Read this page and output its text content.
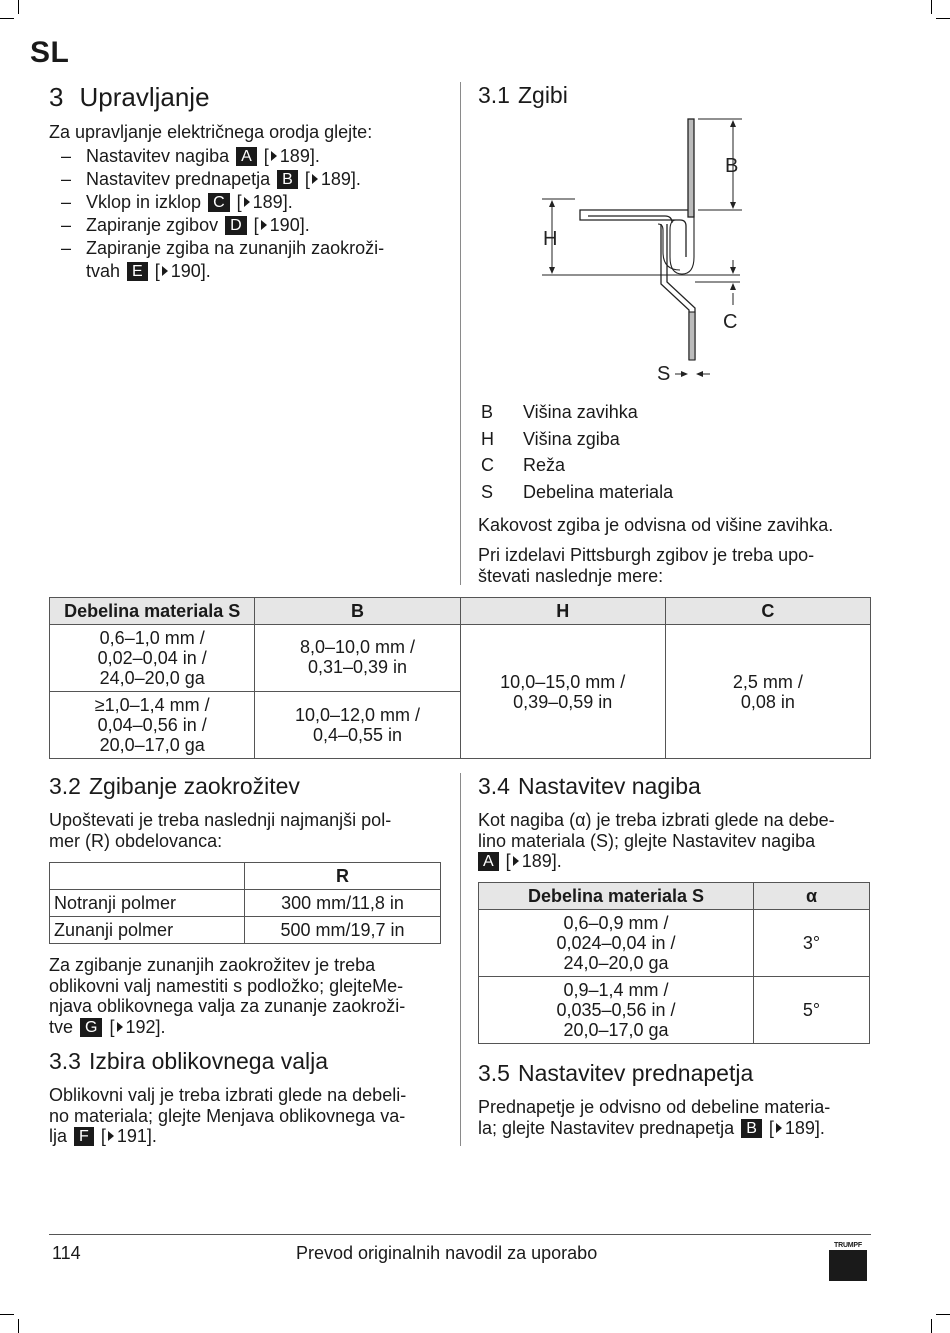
SL
3 Upravljanje
Za upravljanje električnega orodja glejte:
– Nastavitev nagiba A [ 189].
– Nastavitev prednapetja B [ 189].
– Vklop in izklop C [ 189].
– Zapiranje zgibov D [ 190].
– Zapiranje zgiba na zunanjih zaokroži-
tvah E [ 190].
3.1 Zgibi
B
H
C
S
B Višina zavihka
H Višina zgiba
C Reža
S Debelina materiala
Kakovost zgiba je odvisna od višine zavihka.
Pri izdelavi Pittsburgh zgibov je treba upo-
števati naslednje mere:
Debelina materiala S	B	H	C
0,6–1,0 mm /
0,02–0,04 in /
24,0–20,0 ga	8,0–10,0 mm /
0,31–0,39 in	10,0–15,0 mm /
0,39–0,59 in	2,5 mm /
0,08 in
≥1,0–1,4 mm /
0,04–0,56 in /
20,0–17,0 ga	10,0–12,0 mm /
0,4–0,55 in		
3.2 Zgibanje zaokrožitev
Upoštevati je treba naslednji najmanjši pol-
mer (R) obdelovanca:
	R
Notranji polmer	300 mm/11,8 in
Zunanji polmer	500 mm/19,7 in
Za zgibanje zunanjih zaokrožitev je treba
oblikovni valj namestiti s podložko; glejteMe-
njava oblikovnega valja za zunanje zaokroži-
tve G [ 192].
3.3 Izbira oblikovnega valja
Oblikovni valj je treba izbrati glede na debeli-
no materiala; glejte Menjava oblikovnega va-
lja F [ 191].
3.4 Nastavitev nagiba
Kot nagiba (α) je treba izbrati glede na debe-
lino materiala (S); glejte Nastavitev nagiba
A [ 189].
Debelina materiala S	α
0,6–0,9 mm /
0,024–0,04 in /
24,0–20,0 ga	3°
0,9–1,4 mm /
0,035–0,56 in /
20,0–17,0 ga	5°
3.5 Nastavitev prednapetja
Prednapetje je odvisno od debeline materia-
la; glejte Nastavitev prednapetja B [ 189].
114	Prevod originalnih navodil za uporabo	TRUMPF
